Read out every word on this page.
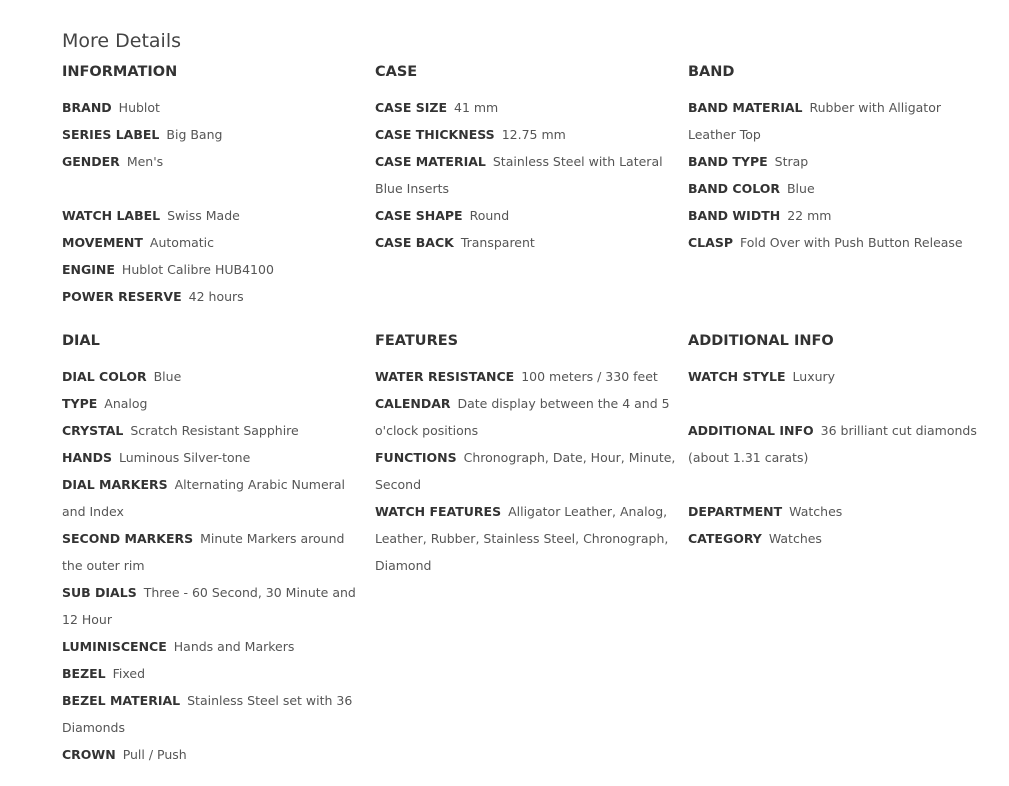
More Details
INFORMATION
BRAND Hublot
SERIES LABEL Big Bang
GENDER Men's
WATCH LABEL Swiss Made
MOVEMENT Automatic
ENGINE Hublot Calibre HUB4100
POWER RESERVE 42 hours
CASE
CASE SIZE 41 mm
CASE THICKNESS 12.75 mm
CASE MATERIAL Stainless Steel with Lateral Blue Inserts
CASE SHAPE Round
CASE BACK Transparent
BAND
BAND MATERIAL Rubber with Alligator Leather Top
BAND TYPE Strap
BAND COLOR Blue
BAND WIDTH 22 mm
CLASP Fold Over with Push Button Release
DIAL
DIAL COLOR Blue
TYPE Analog
CRYSTAL Scratch Resistant Sapphire
HANDS Luminous Silver-tone
DIAL MARKERS Alternating Arabic Numeral and Index
SECOND MARKERS Minute Markers around the outer rim
SUB DIALS Three - 60 Second, 30 Minute and 12 Hour
LUMINISCENCE Hands and Markers
BEZEL Fixed
BEZEL MATERIAL Stainless Steel set with 36 Diamonds
CROWN Pull / Push
FEATURES
WATER RESISTANCE 100 meters / 330 feet
CALENDAR Date display between the 4 and 5 o'clock positions
FUNCTIONS Chronograph, Date, Hour, Minute, Second
WATCH FEATURES Alligator Leather, Analog, Leather, Rubber, Stainless Steel, Chronograph, Diamond
ADDITIONAL INFO
WATCH STYLE Luxury
ADDITIONAL INFO 36 brilliant cut diamonds (about 1.31 carats)
DEPARTMENT Watches
CATEGORY Watches
